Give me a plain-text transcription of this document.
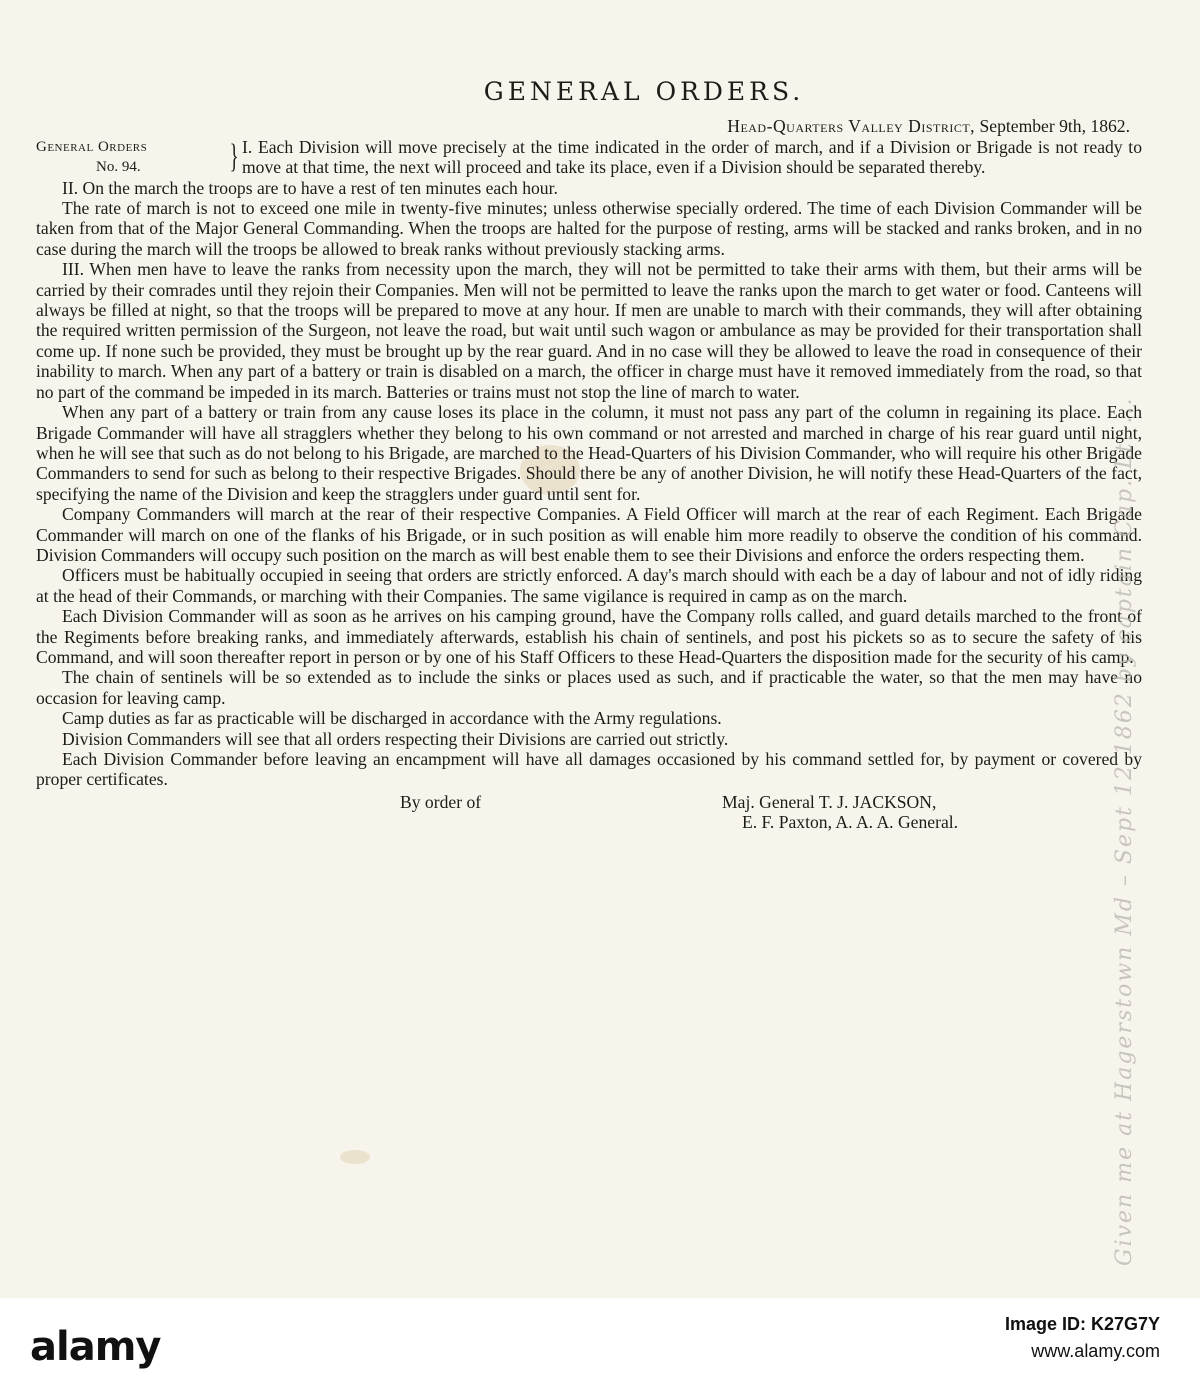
GENERAL ORDERS.
Head-Quarters Valley District, September 9th, 1862.
General Orders
No. 94.	} I. Each Division will move precisely at the time indicated in the order of march, and if a Division or Brigade is not ready to move at that time, the next will proceed and take its place, even if a Division should be separated thereby.

II. On the march the troops are to have a rest of ten minutes each hour.

The rate of march is not to exceed one mile in twenty-five minutes; unless otherwise specially ordered. The time of each Division Commander will be taken from that of the Major General Commanding. When the troops are halted for the purpose of resting, arms will be stacked and ranks broken, and in no case during the march will the troops be allowed to break ranks without previously stacking arms.

III. When men have to leave the ranks from necessity upon the march, they will not be permitted to take their arms with them, but their arms will be carried by their comrades until they rejoin their Companies. Men will not be permitted to leave the ranks upon the march to get water or food. Canteens will always be filled at night, so that the troops will be prepared to move at any hour. If men are unable to march with their commands, they will after obtaining the required written permission of the Surgeon, not leave the road, but wait until such wagon or ambulance as may be provided for their transportation shall come up. If none such be provided, they must be brought up by the rear guard. And in no case will they be allowed to leave the road in consequence of their inability to march. When any part of a battery or train is disabled on a march, the officer in charge must have it removed immediately from the road, so that no part of the command be impeded in its march. Batteries or trains must not stop the line of march to water.

When any part of a battery or train from any cause loses its place in the column, it must not pass any part of the column in regaining its place. Each Brigade Commander will have all stragglers whether they belong to his own command or not arrested and marched in charge of his rear guard until night, when he will see that such as do not belong to his Brigade, are marched to the Head-Quarters of his Division Commander, who will require his other Brigade Commanders to send for such as belong to their respective Brigades. Should there be any of another Division, he will notify these Head-Quarters of the fact, specifying the name of the Division and keep the stragglers under guard until sent for.

Company Commanders will march at the rear of their respective Companies. A Field Officer will march at the rear of each Regiment. Each Brigade Commander will march on one of the flanks of his Brigade, or in such position as will enable him more readily to observe the condition of his command. Division Commanders will occupy such position on the march as will best enable them to see their Divisions and enforce the orders respecting them.

Officers must be habitually occupied in seeing that orders are strictly enforced. A day's march should with each be a day of labour and not of idly riding at the head of their Commands, or marching with their Companies. The same vigilance is required in camp as on the march.

Each Division Commander will as soon as he arrives on his camping ground, have the Company rolls called, and guard details marched to the front of the Regiments before breaking ranks, and immediately afterwards, establish his chain of sentinels, and post his pickets so as to secure the safety of his Command, and will soon thereafter report in person or by one of his Staff Officers to these Head-Quarters the disposition made for the security of his camp.

The chain of sentinels will be so extended as to include the sinks or places used as such, and if practicable the water, so that the men may have no occasion for leaving camp.

Camp duties as far as practicable will be discharged in accordance with the Army regulations.

Division Commanders will see that all orders respecting their Divisions are carried out strictly.

Each Division Commander before leaving an encampment will have all damages occasioned by his command settled for, by payment or covered by proper certificates.

By order of	Maj. General T. J. JACKSON,
E. F. Paxton, A. A. A. General.	Given me at Hagerstown Md – Sept 12 1862 by captain Cap. Lt. ...
alamy	Image ID: K27G7Y
www.alamy.com
